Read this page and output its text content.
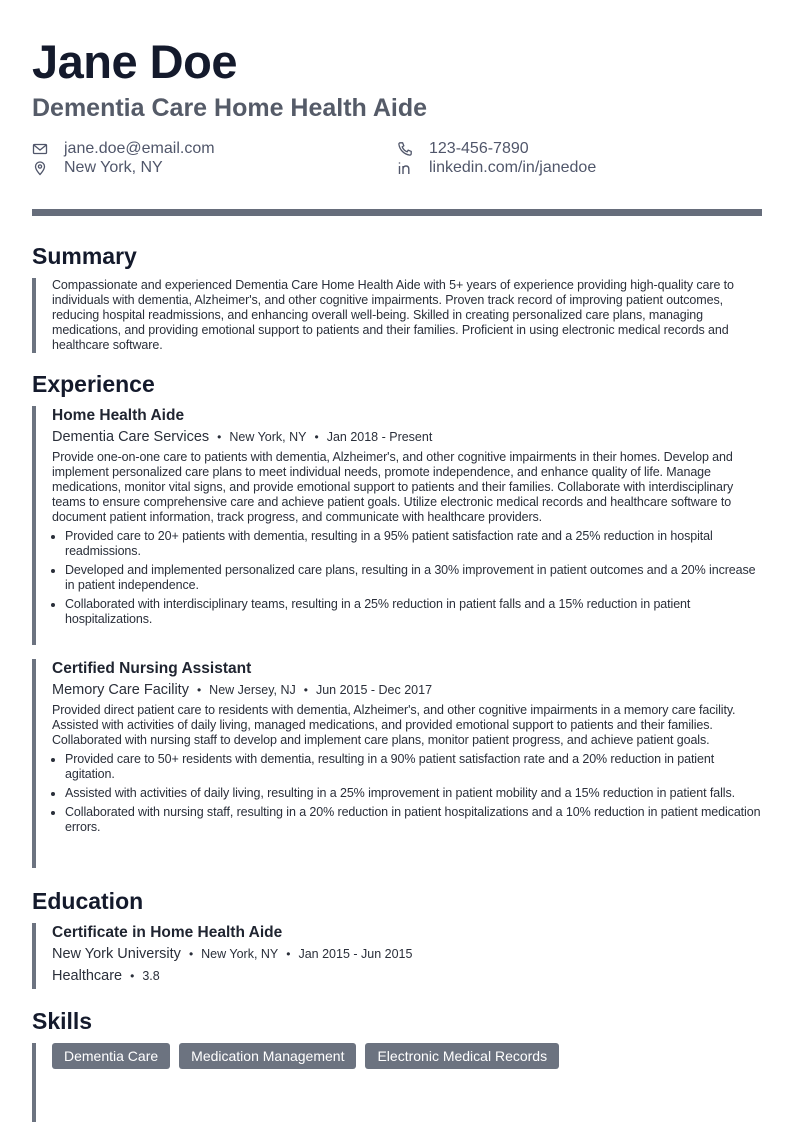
Jane Doe
Dementia Care Home Health Aide
jane.doe@email.com
New York, NY
123-456-7890
linkedin.com/in/janedoe
Summary

Compassionate and experienced Dementia Care Home Health Aide with 5+ years of experience providing high-quality care to individuals with dementia, Alzheimer's, and other cognitive impairments. Proven track record of improving patient outcomes, reducing hospital readmissions, and enhancing overall well-being. Skilled in creating personalized care plans, managing medications, and providing emotional support to patients and their families. Proficient in using electronic medical records and healthcare software.

Experience

Home Health Aide

Dementia Care Services • New York, NY • Jan 2018 - Present

Provide one-on-one care to patients with dementia, Alzheimer's, and other cognitive impairments in their homes. Develop and implement personalized care plans to meet individual needs, promote independence, and enhance quality of life. Manage medications, monitor vital signs, and provide emotional support to patients and their families. Collaborate with interdisciplinary teams to ensure comprehensive care and achieve patient goals. Utilize electronic medical records and healthcare software to document patient information, track progress, and communicate with healthcare providers.

• Provided care to 20+ patients with dementia, resulting in a 95% patient satisfaction rate and a 25% reduction in hospital readmissions.
• Developed and implemented personalized care plans, resulting in a 30% improvement in patient outcomes and a 20% increase in patient independence.
• Collaborated with interdisciplinary teams, resulting in a 25% reduction in patient falls and a 15% reduction in patient hospitalizations.

Certified Nursing Assistant

Memory Care Facility • New Jersey, NJ • Jun 2015 - Dec 2017

Provided direct patient care to residents with dementia, Alzheimer's, and other cognitive impairments in a memory care facility. Assisted with activities of daily living, managed medications, and provided emotional support to patients and their families. Collaborated with nursing staff to develop and implement care plans, monitor patient progress, and achieve patient goals.

• Provided care to 50+ residents with dementia, resulting in a 90% patient satisfaction rate and a 20% reduction in patient agitation.
• Assisted with activities of daily living, resulting in a 25% improvement in patient mobility and a 15% reduction in patient falls.
• Collaborated with nursing staff, resulting in a 20% reduction in patient hospitalizations and a 10% reduction in patient medication errors.
Education

Certificate in Home Health Aide

New York University • New York, NY • Jan 2015 - Jun 2015
Healthcare • 3.8
Skills
Dementia Care	Medication Management	Electronic Medical Records
